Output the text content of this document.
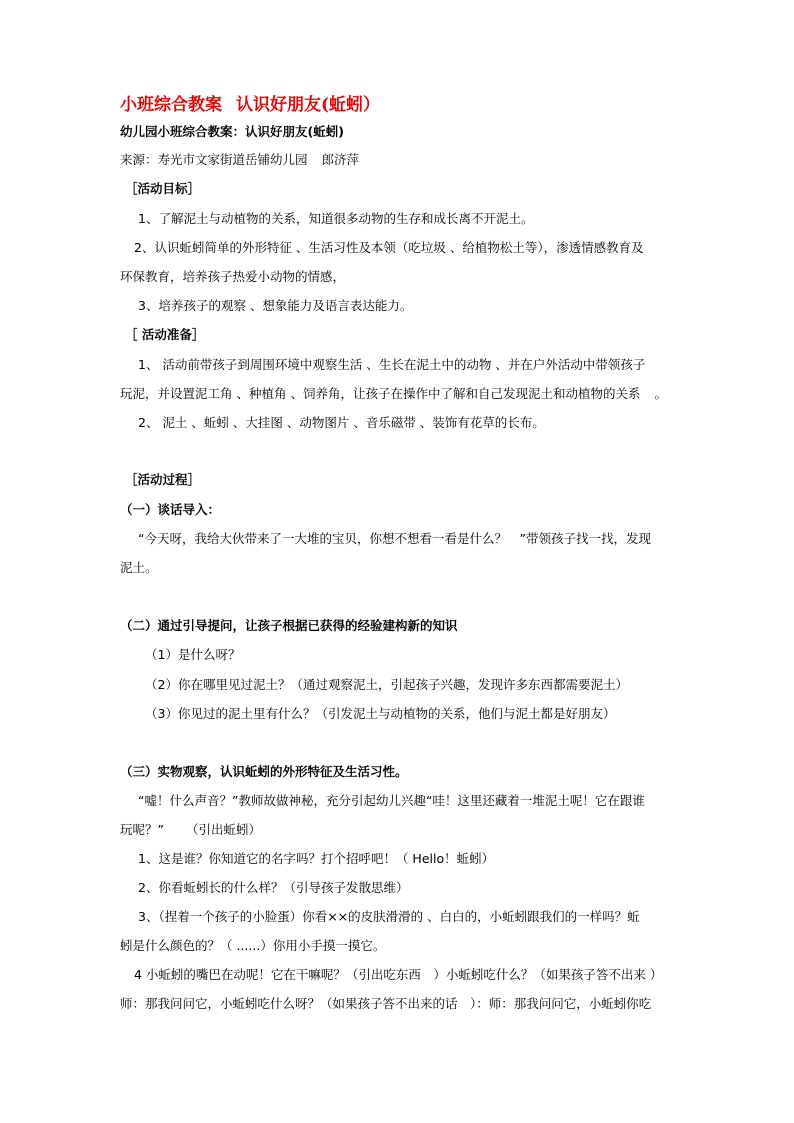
小班综合教案 认识好朋友(蚯蚓）
幼儿园小班综合教案：认识好朋友(蚯蚓)
来源：寿光市文家街道岳铺幼儿园 郎济萍
［活动目标］
1、了解泥土与动植物的关系，知道很多动物的生存和成长离不开泥土。
2、认识蚯蚓简单的外形特征 、生活习性及本领（吃垃圾 、给植物松土等），渗透情感教育及
环保教育，培养孩子热爱小动物的情感，
3、培养孩子的观察 、想象能力及语言表达能力。
［ 活动准备］
1、 活动前带孩子到周围环境中观察生活 、生长在泥土中的动物 、并在户外活动中带领孩子
玩泥，并设置泥工角 、种植角 、饲养角，让孩子在操作中了解和自己发现泥土和动植物的关系 。
2、 泥土 、蚯蚓 、大挂图 、动物图片 、音乐磁带 、装饰有花草的长布。
［活动过程］
（一）谈话导入：
“今天呀，我给大伙带来了一大堆的宝贝，你想不想看一看是什么？　”带领孩子找一找，发现
泥土。
（二）通过引导提问，让孩子根据已获得的经验建构新的知识
（1）是什么呀？
（2）你在哪里见过泥土？（通过观察泥土，引起孩子兴趣，发现许多东西都需要泥土）
（3）你见过的泥土里有什么？（引发泥土与动植物的关系，他们与泥土都是好朋友）
（三）实物观察，认识蚯蚓的外形特征及生活习性。
“嘘！什么声音？”教师故做神秘，充分引起幼儿兴趣“哇！这里还藏着一堆泥土呢！它在跟谁
玩呢？” （引出蚯蚓）
1、这是谁？你知道它的名字吗？打个招呼吧！（ Hello！蚯蚓）
2、你看蚯蚓长的什么样？（引导孩子发散思维）
3、（捏着一个孩子的小脸蛋）你看××的皮肤滑滑的 、白白的，小蚯蚓跟我们的一样吗？蚯
蚓是什么颜色的？（ ......）你用小手摸一摸它。
4 小蚯蚓的嘴巴在动呢！它在干嘛呢？（引出吃东西　）小蚯蚓吃什么？（如果孩子答不出来 ）
师：那我问问它，小蚯蚓吃什么呀？（如果孩子答不出来的话　）：师：那我问问它，小蚯蚓你吃
